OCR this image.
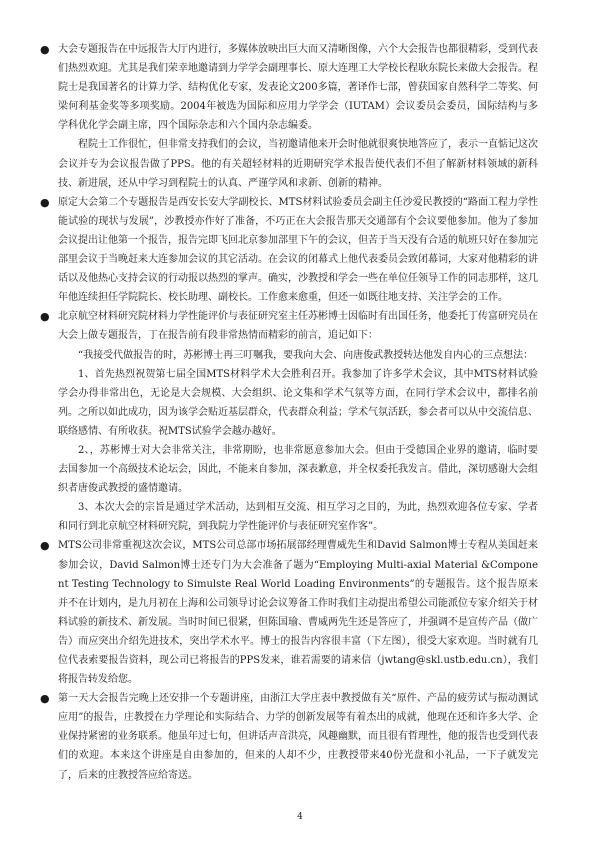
● 大会专题报告在中远报告大厅内进行，多媒体放映出巨大而又清晰图像，六个大会报告也都很精彩，受到代表们热烈欢迎。尤其是我们荣幸地邀请到力学学会副理事长、原大连理工大学校长程耿东院长来做大会报告。程院士是我国著名的计算力学、结构优化专家，发表论文200多篇，著译作七部，曾获国家自然科学二等奖、何梁何利基金奖等多项奖励。2004年被选为国际和应用力学学会（IUTAM）会议委员会委员，国际结构与多学科优化学会副主席，四个国际杂志和六个国内杂志编委。

程院士工作很忙，但非常支持我们的会议，当初邀请他来开会时他就很爽快地答应了，表示一直惦记这次会议并专为会议报告做了PPS。他的有关超轻材料的近期研究学术报告使代表们不但了解新材料领域的新科技、新进展，还从中学习到程院士的认真、严谨学风和求新、创新的精神。

● 原定大会第二个专题报告是西安长安大学副校长、MTS材料试验委员会副主任沙爱民教授的“路面工程力学性能试验的现状与发展”，沙教授亦作好了准备，不巧正在大会报告那天交通部有个会议要他参加。他为了参加会议提出让他第一个报告，报告完即飞回北京参加部里下午的会议，但苦于当天没有合适的航班只好在参加完部里会议于当晚赶来大连参加会议的其它活动。在会议的闭幕式上他代表委员会致闭幕词，大家对他精彩的讲话以及他热心支持会议的行动报以热烈的掌声。确实，沙教授和学会一些在单位任领导工作的同志那样，这几年他连续担任学院院长、校长助理、副校长。工作愈来愈重，但还一如既往地支持、关注学会的工作。

● 北京航空材料研究院材料力学性能评价与表征研究室主任苏彬博士因临时有出国任务，他委托丁传富研究员在大会上做专题报告，丁在报告前有段非常热情而精彩的前言，追记如下：

“我接受代做报告的时，苏彬博士再三叮嘱我，要我向大会、向唐俊武教授转达他发自内心的三点想法：

1、首先热烈祝贺第七届全国MTS材料学术大会胜利召开。我参加了许多学术会议，其中MTS材料试验学会办得非常出色，无论是大会规模、大会组织、论文集和学术气氛等方面，在同行学术会议中，都排名前列。之所以如此成功，因为该学会贴近基层群众，代表群众利益；学术气氛活跃，参会者可以从中交流信息、联络感情、有所收获。祝MTS试验学会越办越好。

2、，苏彬博士对大会非常关注，非常期盼，也非常愿意参加大会。但由于受德国企业界的邀请，临时要去国参加一个高级技术论坛会，因此，不能来自参加，深表歉意，并全权委托我发言。借此，深切感谢大会组织者唐俊武教授的盛情邀请。

3、本次大会的宗旨是通过学术活动，达到相互交流、相互学习之目的，为此，热烈欢迎各位专家、学者和同行到北京航空材料研究院，到我院力学性能评价与表征研究室作客”。

● MTS公司非常重视这次会议，MTS公司总部市场拓展部经理曹威先生和David Salmon博士专程从美国赶来参加会议，David Salmon博士还专门为大会准备了题为“Employing Multi-axial Material &Component Testing Technology to Simulste Real World Loading Environments”的专题报告。这个报告原来并不在计划内，是九月初在上海和公司领导讨论会议筹备工作时我们主动提出希望公司能派位专家介绍关于材料试验的新技术、新发展。当时时间已很紧，但陈国瑜、曹威两先生还是答应了，并强调不是宣传产品（做广告）而应突出介绍先进技术，突出学术水平。博士的报告内容很丰富（下左图），很受大家欢迎。当时就有几位代表索要报告资料，现公司已将报告的PPS发来，谁若需要的请来信（jwtang@skl.ustb.edu.cn），我们将报告转发给您。

● 第一天大会报告完晚上还安排一个专题讲座，由浙江大学庄表中教授做有关“原件、产品的疲劳试与振动测试应用”的报告，庄教授在力学理论和实际结合、力学的创新发展等有着杰出的成就，他现在还和许多大学、企业保持紧密的业务联系。他虽年过七旬，但讲话声音洪亮，风趣幽默，而且很有哲理性，他的报告也受到代表们的欢迎。本来这个讲座是自由参加的，但来的人却不少，庄教授带来40份光盘和小礼品，一下子就发完了，后来的庄教授答应给寄送。

4
